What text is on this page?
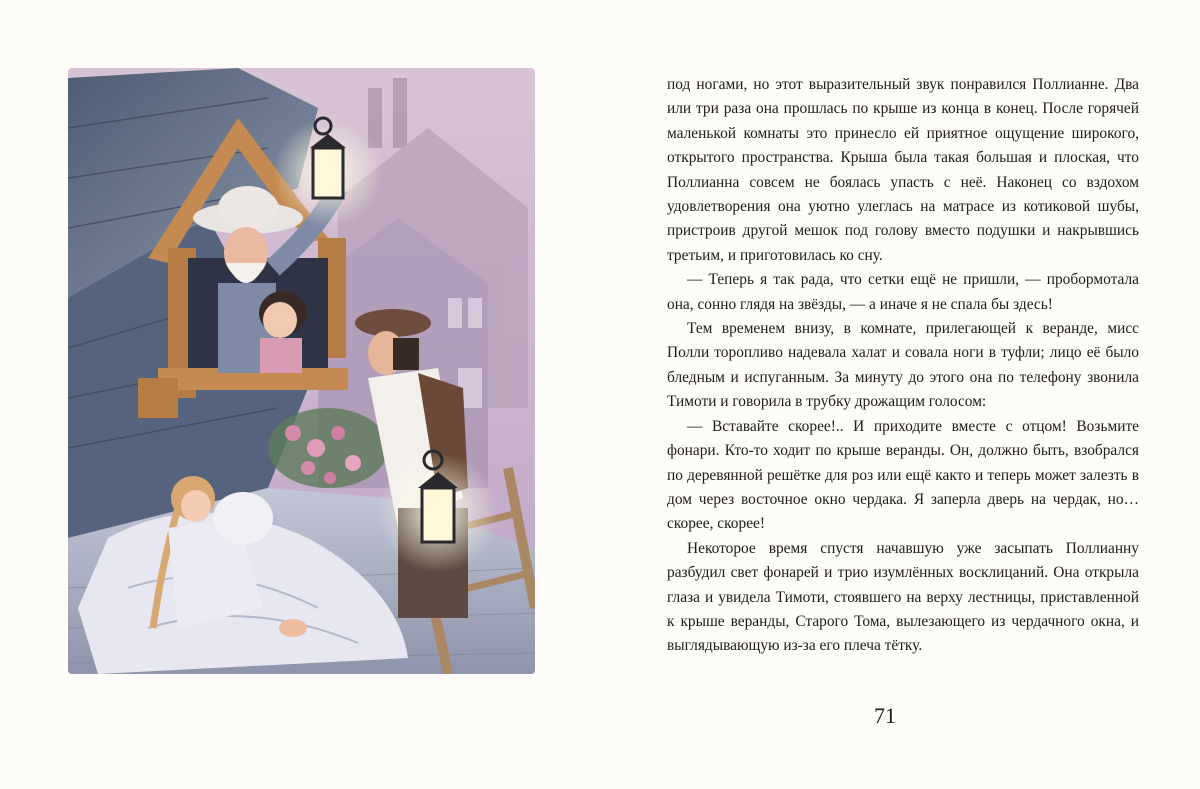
под ногами, но этот выразительный звук понравился Поллианне. Два или три раза она прошлась по крыше из конца в конец. После горячей маленькой комнаты это принесло ей приятное ощущение широкого, открытого пространства. Крыша была такая большая и плоская, что Поллианна совсем не боялась упасть с неё. Наконец со вздохом удовлетворения она уютно улеглась на матрасе из котиковой шубы, пристроив другой мешок под голову вместо подушки и накрывшись третьим, и приготовилась ко сну.

— Теперь я так рада, что сетки ещё не пришли, — пробормотала она, сонно глядя на звёзды, — а иначе я не спала бы здесь!

Тем временем внизу, в комнате, прилегающей к веранде, мисс Полли торопливо надевала халат и совала ноги в туфли; лицо её было бледным и испуганным. За минуту до этого она по телефону звонила Тимоти и говорила в трубку дрожащим голосом:

— Вставайте скорее!.. И приходите вместе с отцом! Возьмите фонари. Кто-то ходит по крыше веранды. Он, должно быть, взобрался по деревянной решётке для роз или ещё както и теперь может залезть в дом через восточное окно чердака. Я заперла дверь на чердак, но… скорее, скорее!

Некоторое время спустя начавшую уже засыпать Поллианну разбудил свет фонарей и трио изумлённых восклицаний. Она открыла глаза и увидела Тимоти, стоявшего на верху лестницы, приставленной к крыше веранды, Старого Тома, вылезающего из чердачного окна, и выглядывающую из-за его плеча тётку.

71
